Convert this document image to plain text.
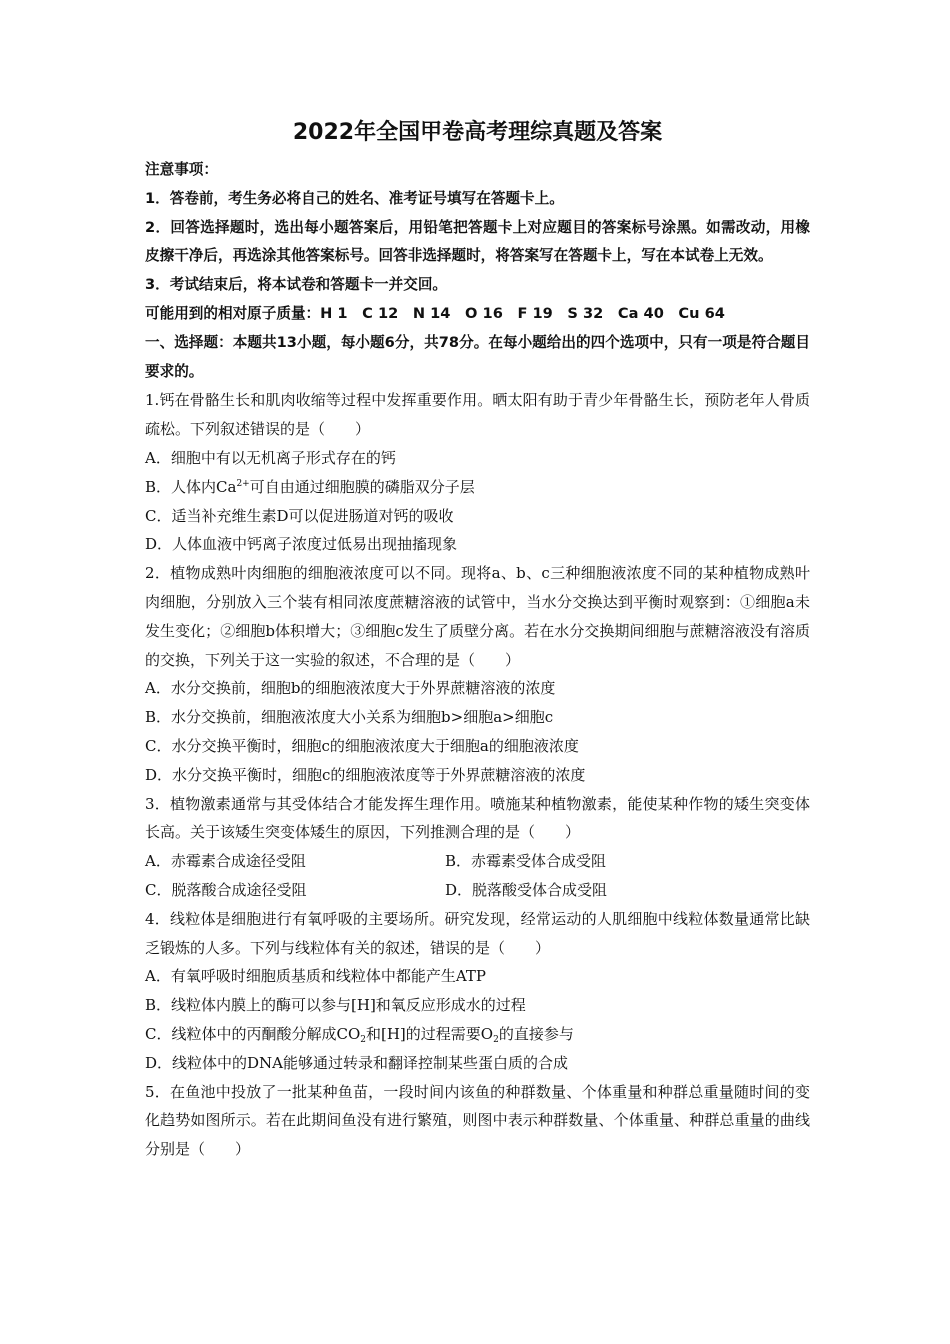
2022年全国甲卷高考理综真题及答案

注意事项：

1．答卷前，考生务必将自己的姓名、准考证号填写在答题卡上。

2．回答选择题时，选出每小题答案后，用铅笔把答题卡上对应题目的答案标号涂黑。如需改动，用橡皮擦干净后，再选涂其他答案标号。回答非选择题时，将答案写在答题卡上，写在本试卷上无效。

3．考试结束后，将本试卷和答题卡一并交回。

可能用到的相对原子质量：H 1　C 12　N 14　O 16　F 19　S 32　Ca 40　Cu 64

一、选择题：本题共13小题，每小题6分，共78分。在每小题给出的四个选项中，只有一项是符合题目要求的。

1.钙在骨骼生长和肌肉收缩等过程中发挥重要作用。晒太阳有助于青少年骨骼生长，预防老年人骨质疏松。下列叙述错误的是（　　）

A．细胞中有以无机离子形式存在的钙

B．人体内$Ca^{2+}$可自由通过细胞膜的磷脂双分子层

C．适当补充维生素D可以促进肠道对钙的吸收

D．人体血液中钙离子浓度过低易出现抽搐现象

2．植物成熟叶肉细胞的细胞液浓度可以不同。现将a、b、c三种细胞液浓度不同的某种植物成熟叶肉细胞，分别放入三个装有相同浓度蔗糖溶液的试管中，当水分交换达到平衡时观察到：①细胞a未发生变化；②细胞b体积增大；③细胞c发生了质壁分离。若在水分交换期间细胞与蔗糖溶液没有溶质的交换，下列关于这一实验的叙述，不合理的是（　　）

A．水分交换前，细胞b的细胞液浓度大于外界蔗糖溶液的浓度

B．水分交换前，细胞液浓度大小关系为细胞b>细胞a>细胞c

C．水分交换平衡时，细胞c的细胞液浓度大于细胞a的细胞液浓度

D．水分交换平衡时，细胞c的细胞液浓度等于外界蔗糖溶液的浓度

3．植物激素通常与其受体结合才能发挥生理作用。喷施某种植物激素，能使某种作物的矮生突变体长高。关于该矮生突变体矮生的原因，下列推测合理的是（　　）

A．赤霉素合成途径受阻	B．赤霉素受体合成受阻
C．脱落酸合成途径受阻	D．脱落酸受体合成受阻

4．线粒体是细胞进行有氧呼吸的主要场所。研究发现，经常运动的人肌细胞中线粒体数量通常比缺乏锻炼的人多。下列与线粒体有关的叙述，错误的是（　　）

A．有氧呼吸时细胞质基质和线粒体中都能产生ATP

B．线粒体内膜上的酶可以参与[H]和氧反应形成水的过程

C．线粒体中的丙酮酸分解成$CO_2$和[H]的过程需要$O_2$的直接参与

D．线粒体中的DNA能够通过转录和翻译控制某些蛋白质的合成

5．在鱼池中投放了一批某种鱼苗，一段时间内该鱼的种群数量、个体重量和种群总重量随时间的变化趋势如图所示。若在此期间鱼没有进行繁殖，则图中表示种群数量、个体重量、种群总重量的曲线分别是（　　）
